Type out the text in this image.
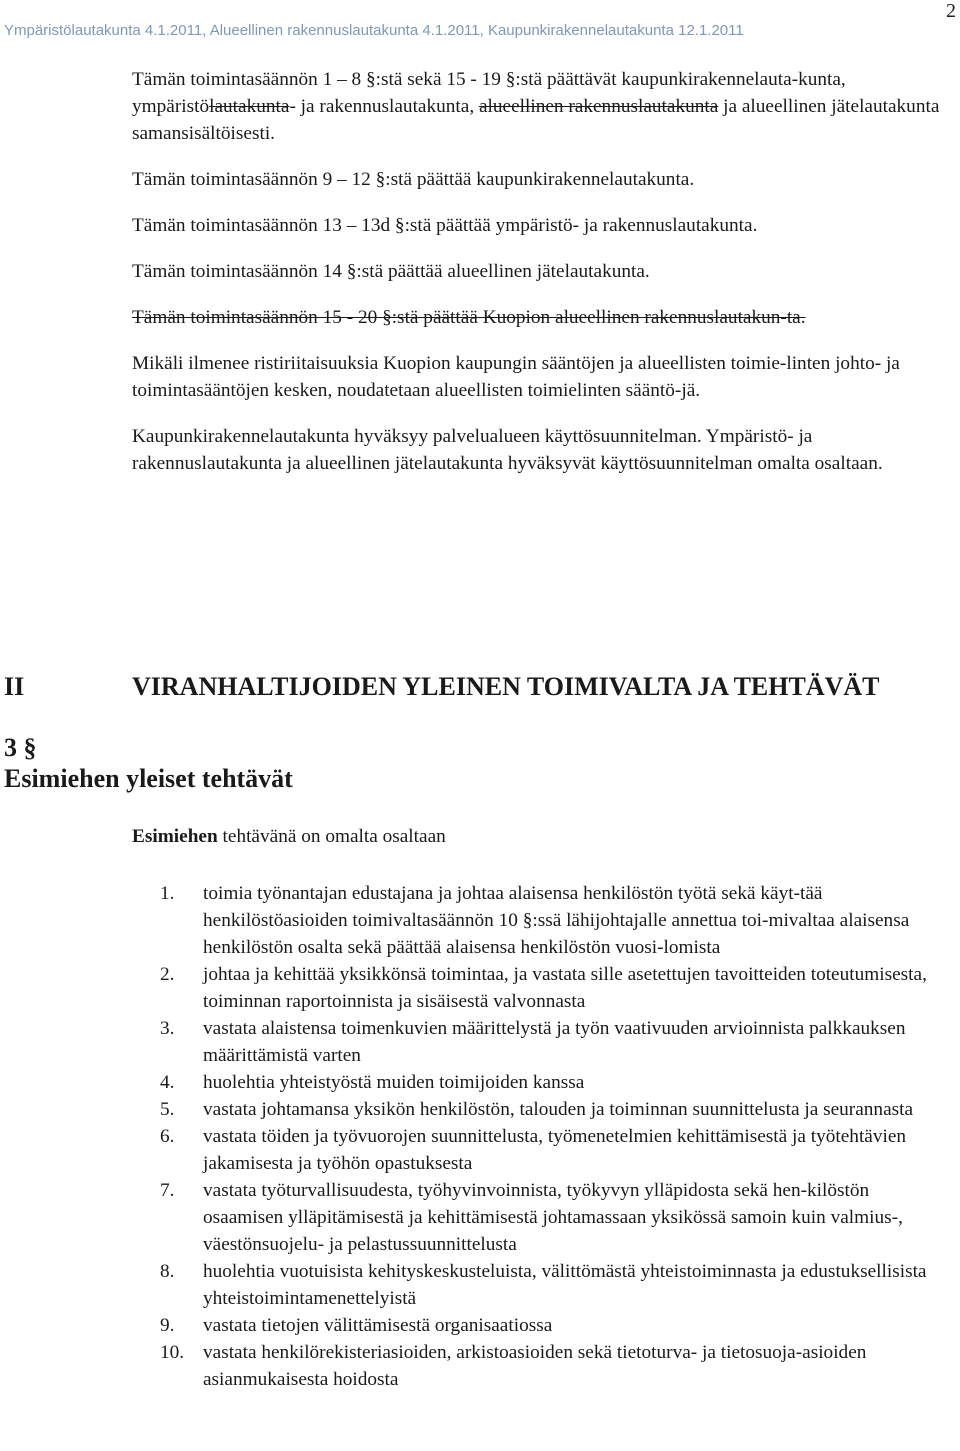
Ympäristölautakunta 4.1.2011, Alueellinen rakennuslautakunta 4.1.2011, Kaupunkirakennelautakunta 12.1.2011
2

Tämän toimintasäännön 1 – 8 §:stä sekä 15 - 19 §:stä päättävät kaupunkirakennelauta-kunta, ympäristölautakunta- ja rakennuslautakunta, alueellinen rakennuslautakunta ja alueellinen jätelautakunta samansisältöisesti.

Tämän toimintasäännön 9 – 12 §:stä päättää kaupunkirakennelautakunta.

Tämän toimintasäännön 13 – 13d §:stä päättää ympäristö- ja rakennuslautakunta.

Tämän toimintasäännön 14 §:stä päättää alueellinen jätelautakunta.

Tämän toimintasäännön 15 - 20 §:stä päättää Kuopion alueellinen rakennuslautakun-ta.

Mikäli ilmenee ristiriitaisuuksia Kuopion kaupungin sääntöjen ja alueellisten toimie-linten johto- ja toimintasääntöjen kesken, noudatetaan alueellisten toimielinten sääntö-jä.

Kaupunkirakennelautakunta hyväksyy palvelualueen käyttösuunnitelman. Ympäristö- ja rakennuslautakunta ja alueellinen jätelautakunta hyväksyvät käyttösuunnitelman omalta osaltaan.

II	VIRANHALTIJOIDEN YLEINEN TOIMIVALTA JA TEHTÄVÄT
3 §
Esimiehen yleiset tehtävät
Esimiehen tehtävänä on omalta osaltaan
1.	toimia työnantajan edustajana ja johtaa alaisensa henkilöstön työtä sekä käyt-tää henkilöstöasioiden toimivaltasäännön 10 §:ssä lähijohtajalle annettua toi-mivaltaa alaisensa henkilöstön osalta sekä päättää alaisensa henkilöstön vuosi-lomista
2.	johtaa ja kehittää yksikkönsä toimintaa, ja vastata sille asetettujen tavoitteiden toteutumisesta, toiminnan raportoinnista ja sisäisestä valvonnasta
3.	vastata alaistensa toimenkuvien määrittelystä ja työn vaativuuden arvioinnista palkkauksen määrittämistä varten
4.	huolehtia yhteistyöstä muiden toimijoiden kanssa
5.	vastata johtamansa yksikön henkilöstön, talouden ja toiminnan suunnittelusta ja seurannasta
6.	vastata töiden ja työvuorojen suunnittelusta, työmenetelmien kehittämisestä ja työtehtävien jakamisesta ja työhön opastuksesta
7.	vastata työturvallisuudesta, työhyvinvoinnista, työkyvyn ylläpidosta sekä hen-kilöstön osaamisen ylläpitämisestä ja kehittämisestä johtamassaan yksikössä samoin kuin valmius-, väestönsuojelu- ja pelastussuunnittelusta
8.	huolehtia vuotuisista kehityskeskusteluista, välittömästä yhteistoiminnasta ja edustuksellisista yhteistoimintamenettelyistä
9.	vastata tietojen välittämisestä organisaatiossa
10. vastata henkilörekisteriasioiden, arkistoasioiden sekä tietoturva- ja tietosuoja-asioiden asianmukaisesta hoidosta
